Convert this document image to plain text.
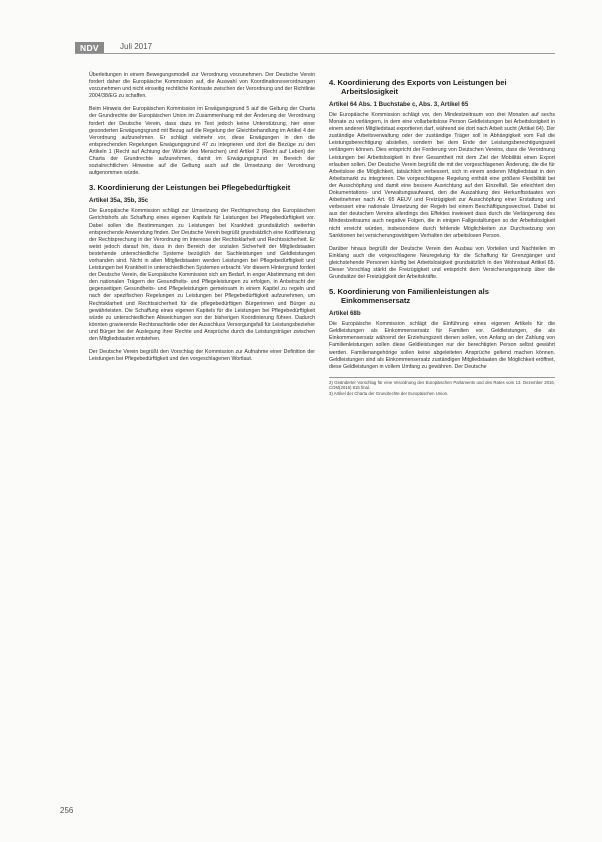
NDV	Juli 2017

Überleitungen in einem Bewegungsmodell zur Verordnung vorzunehmen. Der Deutsche Verein fordert daher die Europäische Kommission auf, die Auswahl von Koordinationsverordnungen vorzunehmen und nicht einseitig rechtliche Kontraste zwischen der Verordnung und der Richtlinie 2004/38/EG zu schaffen.

Beim Hinweis der Europäischen Kommission im Erwägungsgrund 5 auf die Geltung der Charta der Grundrechte der Europäischen Union im Zusammenhang mit der Änderung der Verordnung fordert der Deutsche Verein, dass dazu im Text jedoch keine Unterstützung, hier einer gesonderten Erwägungsgrund mit Bezug auf die Regelung der Gleichbehandlung im Artikel 4 der Verordnung aufzunehmen. Er schlägt vielmehr vor, diese Erwägungen in den die entsprechenden Regelungen Erwägungsgrund 47 zu integrieren und dort die Bezüge zu den Artikeln 1 (Recht auf Achtung der Würde des Menschen) und Artikel 2 (Recht auf Leben) der Charta der Grundrechte aufzunehmen, damit im Erwägungsgrund im Bereich der sozialrechtlichen Hinweise auf die Geltung auch auf die Umsetzung der Verordnung aufgenommen würde.

3. Koordinierung der Leistungen bei Pflegebedürftigkeit
Artikel 35a, 35b, 35c

Die Europäische Kommission schlägt zur Umsetzung der Rechtsprechung des Europäischen Gerichtshofs als Schaffung eines eigenen Kapitels für Leistungen bei Pflegebedürftigkeit vor. Dabei sollen die Bestimmungen zu Leistungen bei Krankheit grundsätzlich weiterhin entsprechende Anwendung finden. Der Deutsche Verein begrüßt grundsätzlich eine Kodifizierung der Rechtsprechung in der Verordnung im Interesse der Rechtsklarheit und Rechtssicherheit. Er weist jedoch darauf hin, dass in den Bereich der sozialen Sicherheit der Mitgliedstaaten bestehende unterschiedliche Systeme bezüglich der Sachleistungen und Geldleistungen vorhanden sind. Nicht in allen Mitgliedstaaten werden Leistungen bei Pflegebedürftigkeit und Leistungen bei Krankheit in unterschiedlichen Systemen erbracht. Vor diesem Hintergrund fordert der Deutsche Verein, die Europäische Kommission sich am Bedarf, in enger Abstimmung mit den den nationalen Trägern der Gesundheits- und Pflegeleistungen zu erfolgen, in Anbetracht der gegenseitigen Gesundheits- und Pflegeleistungen gemeinsam in einem Kapitel zu regeln und nach der spezifischen Regelungen zu Leistungen bei Pflegebedürftigkeit aufzunehmen, um Rechtsklarheit und Rechtssicherheit für die pflegebedürftigen Bürgerinnen und Bürger zu gewährleisten. Die Schaffung eines eigenen Kapitels für die Leistungen bei Pflegebedürftigkeit würde zu unterschiedlichen Abweichungen von der bisherigen Koordinierung führen. Dadurch könnten gravierende Rechtsnachteile oder der Ausschluss Versorgungsfall für Leistungsbezieher und Bürger bei der Auslegung ihrer Rechte und Ansprüche durch die Leistungsträger zwischen den Mitgliedstaaten entstehen.

Der Deutsche Verein begrüßt den Vorschlag der Kommission zur Aufnahme einer Definition der Leistungen bei Pflegebedürftigkeit und den vorgeschlagenen Wortlaut.

4. Koordinierung des Exports von Leistungen bei Arbeitslosigkeit
Artikel 64 Abs. 1 Buchstabe c, Abs. 3, Artikel 65

Die Europäische Kommission schlägt vor, den Mindestzeitraum von drei Monaten auf sechs Monate zu verlängern, in dem eine vollarbeitslose Person Geldleistungen bei Arbeitslosigkeit in einem anderen Mitgliedstaat exportieren darf, während sie dort nach Arbeit sucht (Artikel 64). Der zuständige Arbeitsverwaltung oder der zuständige Träger soll in Abhängigkeit vom Fall die Leistungsberechtigung abstellen, sondern bei dem Ende der Leistungsberechtigungszeit verlängern können. Dies entspricht der Forderung von Deutschen Vereins, dass die Verordnung Leistungen bei Arbeitslosigkeit in ihrer Gesamtheit mit dem Ziel der Mobilität einen Export erlauben sollen. Der Deutsche Verein begrüßt die mit der vorgeschlagenen Änderung, die die für Arbeitslose die Möglichkeit, tatsächlich verbessert, sich in einem anderen Mitgliedstaat in den Arbeitsmarkt zu integrieren. Die vorgeschlagene Regelung enthält eine größere Flexibilität bei der Ausschöpfung und damit eine bessere Ausrichtung auf den Einzelfall. Sie erleichtert den Dokumentations- und Verwaltungsaufwand, den die Auszahlung des Herkunftsstaates von Arbeitnehmer nach Art. 65 AEUV und Freizügigkeit zur Ausschöpfung einer Erstattung und verbessert eine nationale Umsetzung der Regeln bei einem Beschäftigungswechsel. Dabei ist aus der deutschen Vereins allerdings des Effektes inwieweit dass durch die Verlängerung des Mindestzeitraums auch negative Folgen, die in einigen Fallgestaltungen so der Arbeitslosigkeit nicht erreicht würden, insbesondere durch fehlende Möglichkeiten zur Durchsetzung von Sanktionen bei versicherungswidrigem Verhalten der arbeitslosen Person.

Darüber hinaus begrüßt der Deutsche Verein den Ausbau von Vorteilen und Nachteilen im Einklang auch die vorgeschlagene Neuregelung für die Schaffung für Grenzgänger und gleichstehende Personen künftig bei Arbeitslosigkeit grundsätzlich in den Wohnstaat Artikel 65. Dieser Vorschlag stärkt die Freizügigkeit und entspricht dem Versicherungsprinzip über die Grundsätze der Freizügigkeit der Arbeitskräfte.

5. Koordinierung von Familienleistungen als Einkommensersatz
Artikel 68b

Die Europäische Kommission schlägt die Einführung eines eigenen Artikels für die Geldleistungen als Einkommensersatz für Familien vor. Geldleistungen, die als Einkommensersatz während der Erziehungszeit dienen sollen, von Anfang an der Zahlung von Familienleistungen sollen diese Geldleistungen nur der berechtigten Person selbst gewährt werden. Familienangehörige sollen keine abgeleiteten Ansprüche geltend machen können. Geldleistungen sind als Einkommensersatz zuständigen Mitgliedstaaten die Möglichkeit eröffnet, diese Geldleistungen in vollem Umfang zu gewähren. Der Deutsche

2) Geänderter Vorschlag für eine Verordnung des Europäischen Parlaments und des Rates vom 13. Dezember 2016, COM(2016) 815 final.
3) Artikel der Charta der Grundrechte der Europäischen Union.
256
